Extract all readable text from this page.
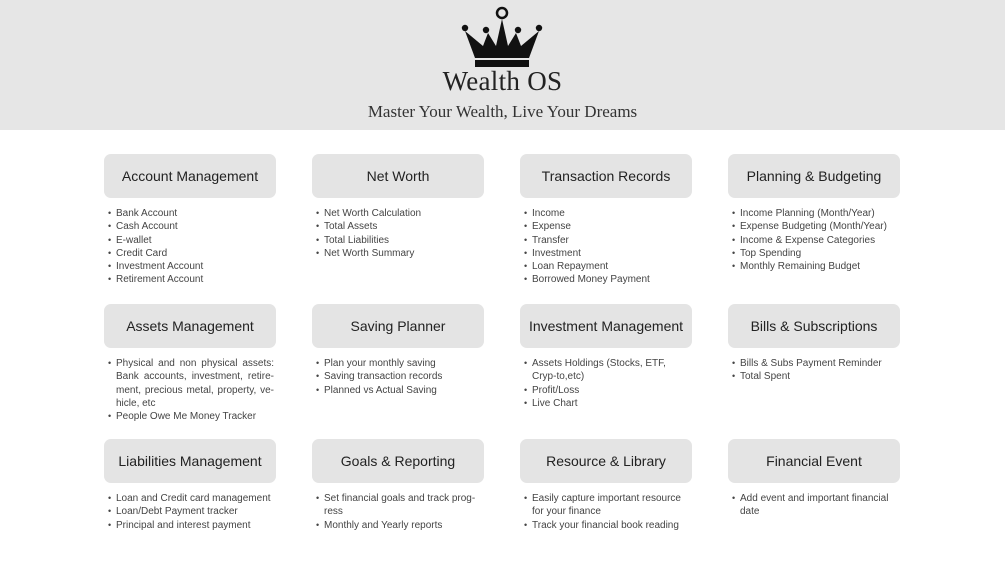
Wealth OS
Master Your Wealth, Live Your Dreams
Account Management
• Bank Account
• Cash Account
• E-wallet
• Credit Card
• Investment Account
• Retirement Account
Net Worth
• Net Worth Calculation
• Total Assets
• Total Liabilities
• Net Worth Summary
Transaction Records
• Income
• Expense
• Transfer
• Investment
• Loan Repayment
• Borrowed Money Payment
Planning & Budgeting
• Income Planning (Month/Year)
• Expense Budgeting (Month/Year)
• Income & Expense Categories
• Top Spending
• Monthly Remaining Budget
Assets Management
• Physical and non physical assets: Bank accounts, investment, retire-ment, precious metal, property, ve-hicle, etc
• People Owe Me Money Tracker
Saving Planner
• Plan your monthly saving
• Saving transaction records
• Planned vs Actual Saving
Investment Management
• Assets Holdings (Stocks, ETF, Cryp-to,etc)
• Profit/Loss
• Live Chart
Bills & Subscriptions
• Bills & Subs Payment Reminder
• Total Spent
Liabilities Management
• Loan and Credit card management
• Loan/Debt Payment tracker
• Principal and interest payment
Goals & Reporting
• Set financial goals and track prog-ress
• Monthly and Yearly reports
Resource & Library
• Easily capture important resource for your finance
• Track your financial book reading
Financial Event
• Add event and important financial date
